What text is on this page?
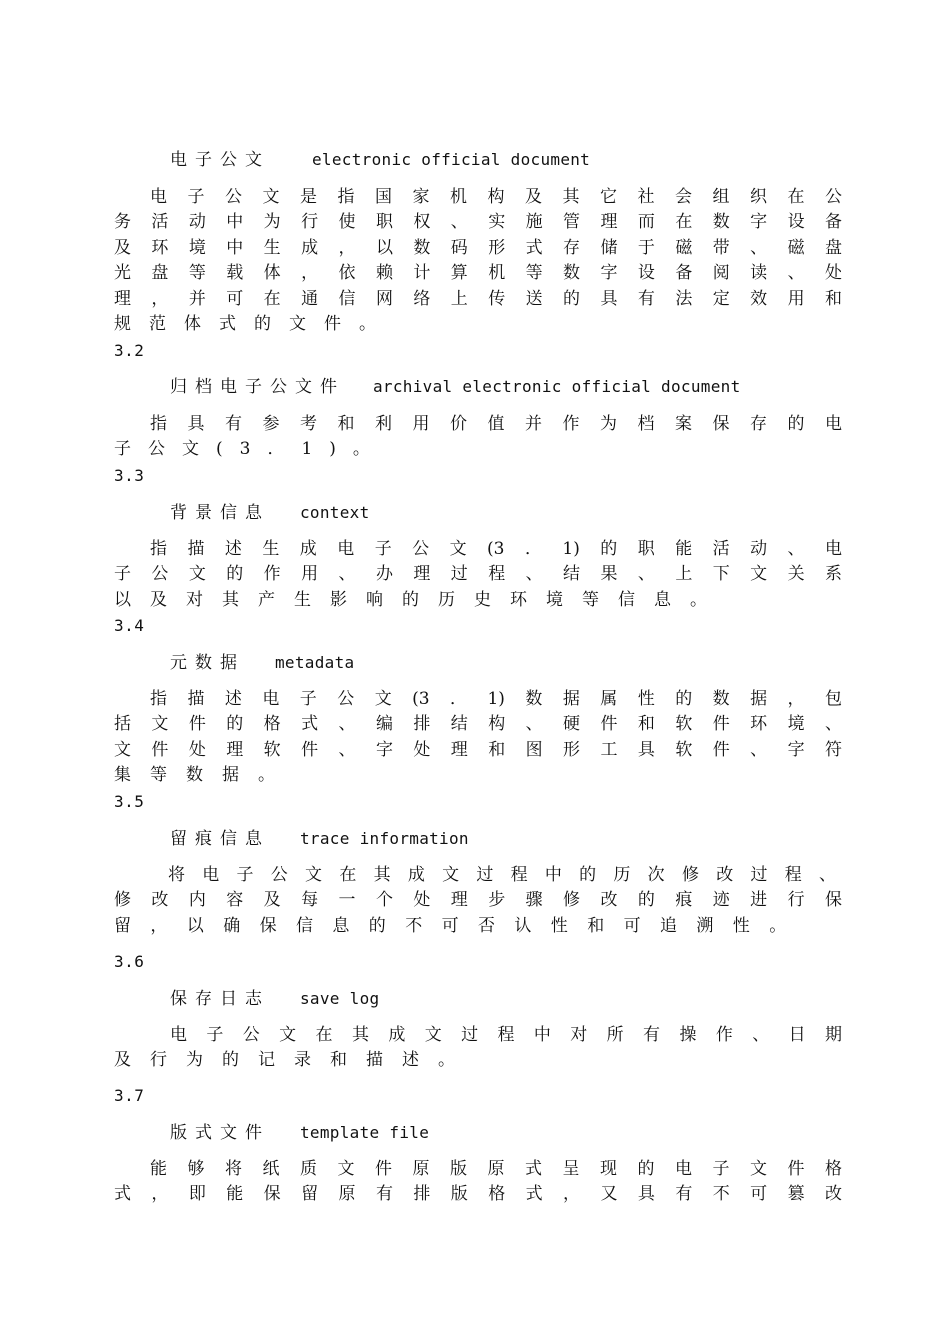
电子公文	electronic official document
电子公文是指国家机构及其它社会组织在公
务活动中为行使职权、实施管理而在数字设备
及环境中生成，以数码形式存储于磁带、磁盘
光盘等载体，依赖计算机等数字设备阅读、处
理，并可在通信网络上传送的具有法定效用和
规范体式的文件。
3.2
归档电子公文件 archival electronic official document
指具有参考和利用价值并作为档案保存的电
子公文(3．1)。
3.3
背景信息 context
指描述生成电子公文(3．1)的职能活动、电
子公文的作用、办理过程、结果、上下文关系
以及对其产生影响的历史环境等信息。
3.4
元数据 metadata
指描述电子公文(3．1)数据属性的数据，包
括文件的格式、编排结构、硬件和软件环境、
文件处理软件、字处理和图形工具软件、字符
集等数据。
3.5
留痕信息 trace information
将电子公文在其成文过程中的历次修改过程、
修改内容及每一个处理步骤修改的痕迹进行保
留，以确保信息的不可否认性和可追溯性。
3.6
保存日志 save log
电子公文在其成文过程中对所有操作、日期
及行为的记录和描述。
3.7
版式文件 template file
能够将纸质文件原版原式呈现的电子文件格
式，即能保留原有排版格式，又具有不可篡改
